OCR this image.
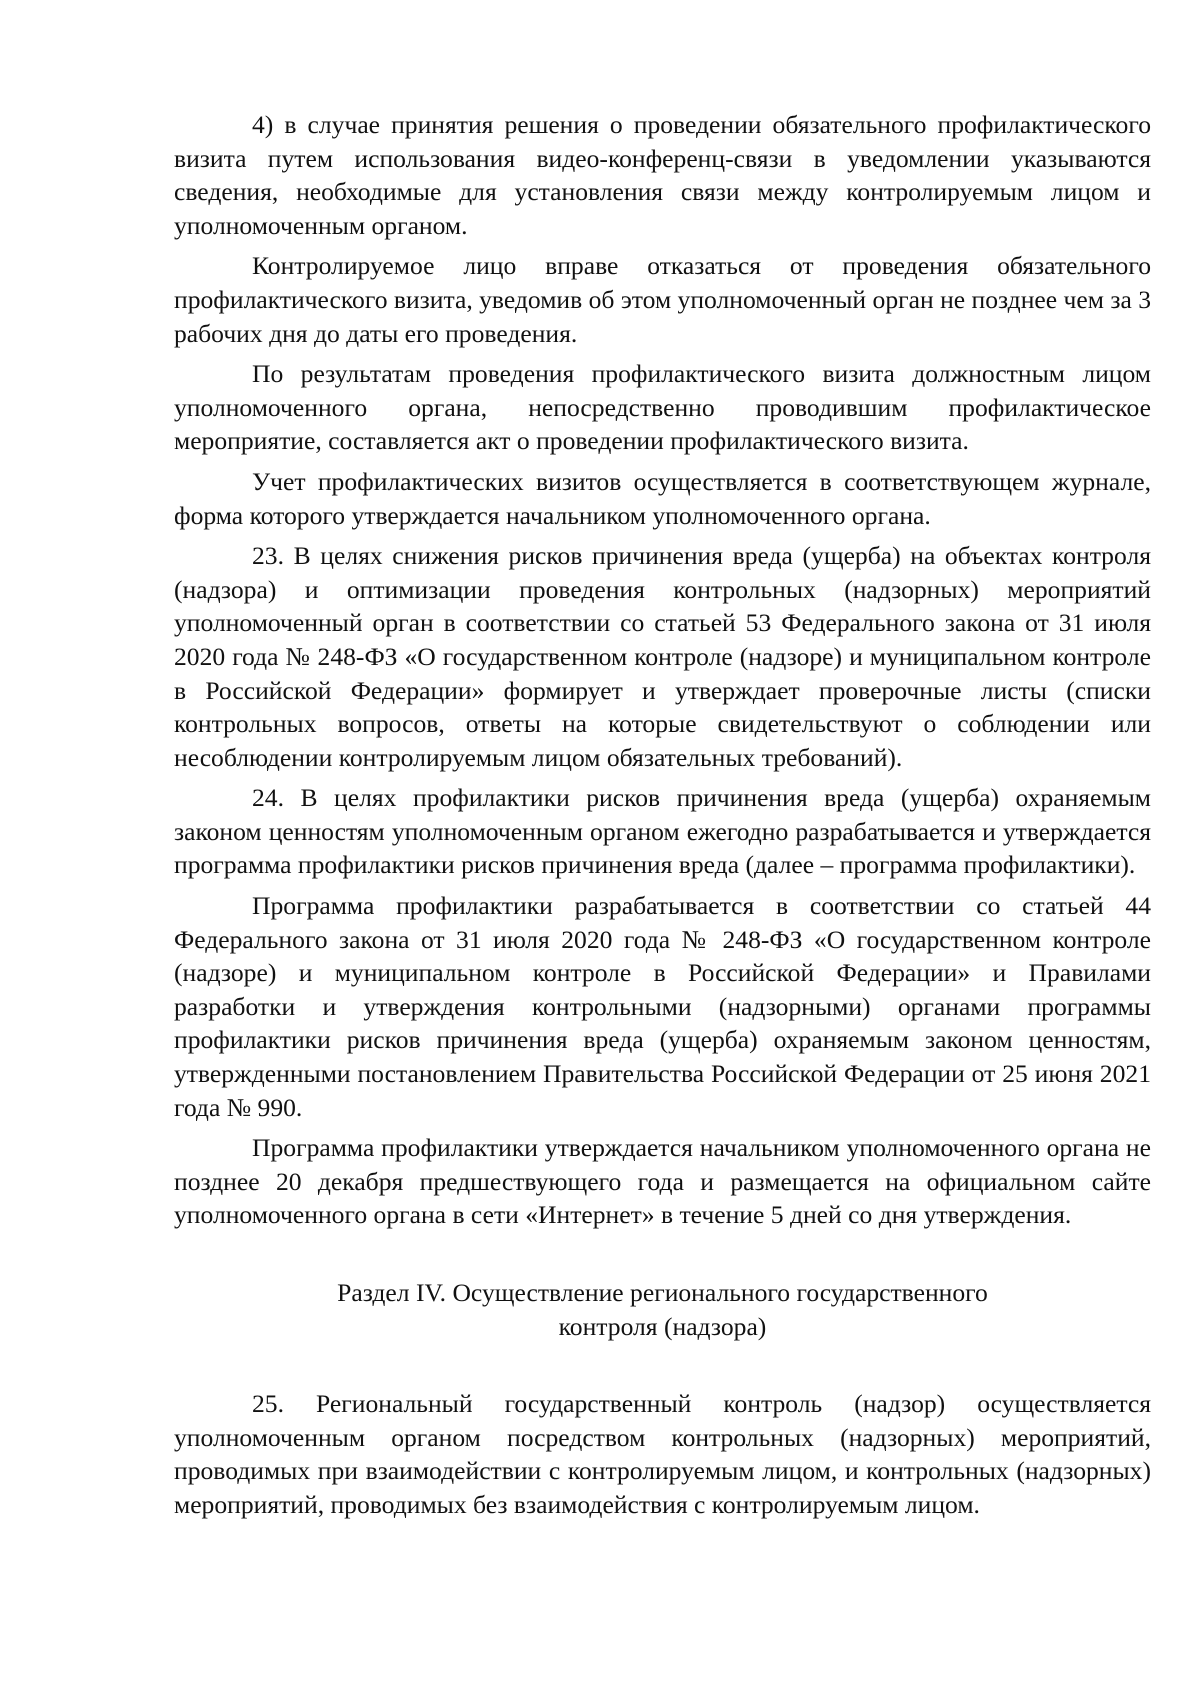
4) в случае принятия решения о проведении обязательного профилактического визита путем использования видео-конференц-связи в уведомлении указываются сведения, необходимые для установления связи между контролируемым лицом и уполномоченным органом.

Контролируемое лицо вправе отказаться от проведения обязательного профилактического визита, уведомив об этом уполномоченный орган не позднее чем за 3 рабочих дня до даты его проведения.

По результатам проведения профилактического визита должностным лицом уполномоченного органа, непосредственно проводившим профилактическое мероприятие, составляется акт о проведении профилактического визита.

Учет профилактических визитов осуществляется в соответствующем журнале, форма которого утверждается начальником уполномоченного органа.

23. В целях снижения рисков причинения вреда (ущерба) на объектах контроля (надзора) и оптимизации проведения контрольных (надзорных) мероприятий уполномоченный орган в соответствии со статьей 53 Федерального закона от 31 июля 2020 года № 248-ФЗ «О государственном контроле (надзоре) и муниципальном контроле в Российской Федерации» формирует и утверждает проверочные листы (списки контрольных вопросов, ответы на которые свидетельствуют о соблюдении или несоблюдении контролируемым лицом обязательных требований).

24. В целях профилактики рисков причинения вреда (ущерба) охраняемым законом ценностям уполномоченным органом ежегодно разрабатывается и утверждается программа профилактики рисков причинения вреда (далее – программа профилактики).

Программа профилактики разрабатывается в соответствии со статьей 44 Федерального закона от 31 июля 2020 года № 248-ФЗ «О государственном контроле (надзоре) и муниципальном контроле в Российской Федерации» и Правилами разработки и утверждения контрольными (надзорными) органами программы профилактики рисков причинения вреда (ущерба) охраняемым законом ценностям, утвержденными постановлением Правительства Российской Федерации от 25 июня 2021 года № 990.

Программа профилактики утверждается начальником уполномоченного органа не позднее 20 декабря предшествующего года и размещается на официальном сайте уполномоченного органа в сети «Интернет» в течение 5 дней со дня утверждения.

Раздел IV. Осуществление регионального государственного
контроля (надзора)

25. Региональный государственный контроль (надзор) осуществляется уполномоченным органом посредством контрольных (надзорных) мероприятий, проводимых при взаимодействии с контролируемым лицом, и контрольных (надзорных) мероприятий, проводимых без взаимодействия с контролируемым лицом.
